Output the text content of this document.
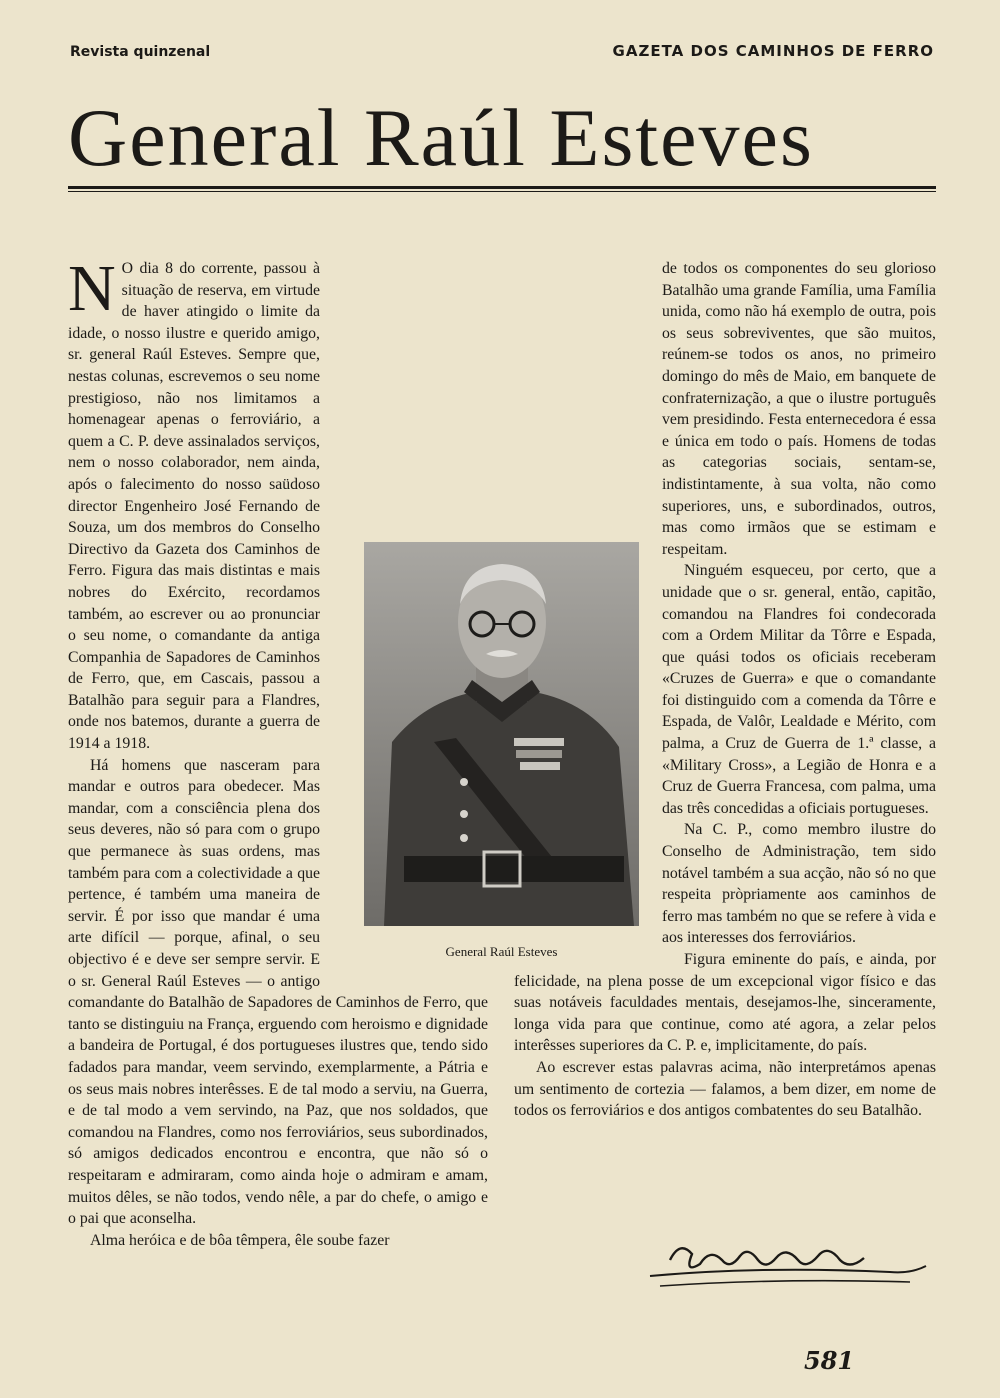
Revista quinzenal	GAZETA DOS CAMINHOS DE FERRO
General Raúl Esteves
N O dia 8 do corrente, passou à situação de reserva, em virtude de haver atingido o limite da idade, o nosso ilustre e querido amigo, sr. general Raúl Esteves. Sempre que, nestas colunas, escrevemos o seu nome prestigioso, não nos limitamos a homenagear apenas o ferroviário, a quem a C. P. deve assinalados serviços, nem o nosso colaborador, nem ainda, após o falecimento do nosso saüdoso director Engenheiro José Fernando de Souza, um dos membros do Conselho Directivo da Gazeta dos Caminhos de Ferro. Figura das mais distintas e mais nobres do Exército, recordamos também, ao escrever ou ao pronunciar o seu nome, o comandante da antiga Companhia de Sapadores de Caminhos de Ferro, que, em Cascais, passou a Batalhão para seguir para a Flandres, onde nos batemos, durante a guerra de 1914 a 1918.

Há homens que nasceram para mandar e outros para obedecer. Mas mandar, com a consciência plena dos seus deveres, não só para com o grupo que permanece às suas ordens, mas também para com a colectividade a que pertence, é também uma maneira de servir. É por isso que mandar é uma arte difícil — porque, afinal, o seu objectivo é e deve ser sempre servir. E o sr. General Raúl Esteves — o antigo comandante do Batalhão de Sapadores de Caminhos de Ferro, que tanto se distinguiu na França, erguendo com heroismo e dignidade a bandeira de Portugal, é dos portugueses ilustres que, tendo sido fadados para mandar, veem servindo, exemplarmente, a Pátria e os seus mais nobres interêsses. E de tal modo a serviu, na Guerra, e de tal modo a vem servindo, na Paz, que nos soldados, que comandou na Flandres, como nos ferroviários, seus subordinados, só amigos dedicados encontrou e encontra, que não só o respeitaram e admiraram, como ainda hoje o admiram e amam, muitos dêles, se não todos, vendo nêle, a par do chefe, o amigo e o pai que aconselha.

Alma heróica e de bôa têmpera, êle soube fazer

de todos os componentes do seu glorioso Batalhão uma grande Família, uma Família unida, como não há exemplo de outra, pois os seus sobreviventes, que são muitos, reúnem-se todos os anos, no primeiro domingo do mês de Maio, em banquete de confraternização, a que o ilustre português vem presidindo. Festa enternecedora é essa e única em todo o país. Homens de todas as categorias sociais, sentam-se, indistintamente, à sua volta, não como superiores, uns, e subordinados, outros, mas como irmãos que se estimam e respeitam.

Ninguém esqueceu, por certo, que a unidade que o sr. general, então, capitão, comandou na Flandres foi condecorada com a Ordem Militar da Tôrre e Espada, que quási todos os oficiais receberam «Cruzes de Guerra» e que o comandante foi distinguido com a comenda da Tôrre e Espada, de Valôr, Lealdade e Mérito, com palma, a Cruz de Guerra de 1.ª classe, a «Military Cross», a Legião de Honra e a Cruz de Guerra Francesa, com palma, uma das três concedidas a oficiais portugueses.

Na C. P., como membro ilustre do Conselho de Administração, tem sido notável também a sua acção, não só no que respeita pròpriamente aos caminhos de ferro mas também no que se refere à vida e aos interesses dos ferroviários.

Figura eminente do país, e ainda, por felicidade, na plena posse de um excepcional vigor físico e das suas notáveis faculdades mentais, desejamos-lhe, sinceramente, longa vida para que continue, como até agora, a zelar pelos interêsses superiores da C. P. e, implicitamente, do país.

Ao escrever estas palavras acima, não interpretámos apenas um sentimento de cortezia — falamos, a bem dizer, em nome de todos os ferroviários e dos antigos combatentes do seu Batalhão.

General Raúl Esteves
581
